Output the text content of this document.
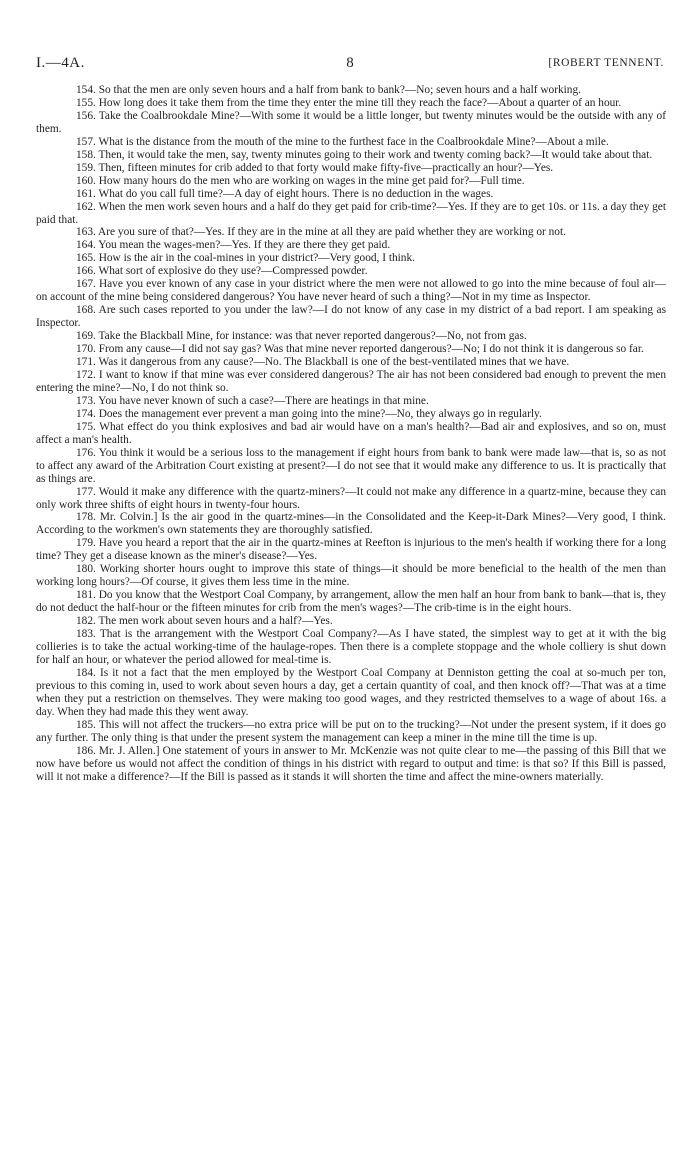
I.—4A.	8	[ROBERT TENNENT.

154. So that the men are only seven hours and a half from bank to bank?—No; seven hours and a half working.

155. How long does it take them from the time they enter the mine till they reach the face?—About a quarter of an hour.

156. Take the Coalbrookdale Mine?—With some it would be a little longer, but twenty minutes would be the outside with any of them.

157. What is the distance from the mouth of the mine to the furthest face in the Coalbrookdale Mine?—About a mile.

158. Then, it would take the men, say, twenty minutes going to their work and twenty coming back?—It would take about that.

159. Then, fifteen minutes for crib added to that forty would make fifty-five—practically an hour?—Yes.

160. How many hours do the men who are working on wages in the mine get paid for?—Full time.

161. What do you call full time?—A day of eight hours. There is no deduction in the wages.

162. When the men work seven hours and a half do they get paid for crib-time?—Yes. If they are to get 10s. or 11s. a day they get paid that.

163. Are you sure of that?—Yes. If they are in the mine at all they are paid whether they are working or not.

164. You mean the wages-men?—Yes. If they are there they get paid.

165. How is the air in the coal-mines in your district?—Very good, I think.

166. What sort of explosive do they use?—Compressed powder.

167. Have you ever known of any case in your district where the men were not allowed to go into the mine because of foul air—on account of the mine being considered dangerous? You have never heard of such a thing?—Not in my time as Inspector.

168. Are such cases reported to you under the law?—I do not know of any case in my district of a bad report. I am speaking as Inspector.

169. Take the Blackball Mine, for instance: was that never reported dangerous?—No, not from gas.

170. From any cause—I did not say gas? Was that mine never reported dangerous?—No; I do not think it is dangerous so far.

171. Was it dangerous from any cause?—No. The Blackball is one of the best-ventilated mines that we have.

172. I want to know if that mine was ever considered dangerous? The air has not been considered bad enough to prevent the men entering the mine?—No, I do not think so.

173. You have never known of such a case?—There are heatings in that mine.

174. Does the management ever prevent a man going into the mine?—No, they always go in regularly.

175. What effect do you think explosives and bad air would have on a man's health?—Bad air and explosives, and so on, must affect a man's health.

176. You think it would be a serious loss to the management if eight hours from bank to bank were made law—that is, so as not to affect any award of the Arbitration Court existing at present?—I do not see that it would make any difference to us. It is practically that as things are.

177. Would it make any difference with the quartz-miners?—It could not make any difference in a quartz-mine, because they can only work three shifts of eight hours in twenty-four hours.

178. Mr. Colvin.] Is the air good in the quartz-mines—in the Consolidated and the Keep-it-Dark Mines?—Very good, I think. According to the workmen's own statements they are thoroughly satisfied.

179. Have you heard a report that the air in the quartz-mines at Reefton is injurious to the men's health if working there for a long time? They get a disease known as the miner's disease?—Yes.

180. Working shorter hours ought to improve this state of things—it should be more beneficial to the health of the men than working long hours?—Of course, it gives them less time in the mine.

181. Do you know that the Westport Coal Company, by arrangement, allow the men half an hour from bank to bank—that is, they do not deduct the half-hour or the fifteen minutes for crib from the men's wages?—The crib-time is in the eight hours.

182. The men work about seven hours and a half?—Yes.

183. That is the arrangement with the Westport Coal Company?—As I have stated, the simplest way to get at it with the big collieries is to take the actual working-time of the haulage-ropes. Then there is a complete stoppage and the whole colliery is shut down for half an hour, or whatever the period allowed for meal-time is.

184. Is it not a fact that the men employed by the Westport Coal Company at Denniston getting the coal at so-much per ton, previous to this coming in, used to work about seven hours a day, get a certain quantity of coal, and then knock off?—That was at a time when they put a restriction on themselves. They were making too good wages, and they restricted themselves to a wage of about 16s. a day. When they had made this they went away.

185. This will not affect the truckers—no extra price will be put on to the trucking?—Not under the present system, if it does go any further. The only thing is that under the present system the management can keep a miner in the mine till the time is up.

186. Mr. J. Allen.] One statement of yours in answer to Mr. McKenzie was not quite clear to me—the passing of this Bill that we now have before us would not affect the condition of things in his district with regard to output and time: is that so? If this Bill is passed, will it not make a difference?—If the Bill is passed as it stands it will shorten the time and affect the mine-owners materially.
